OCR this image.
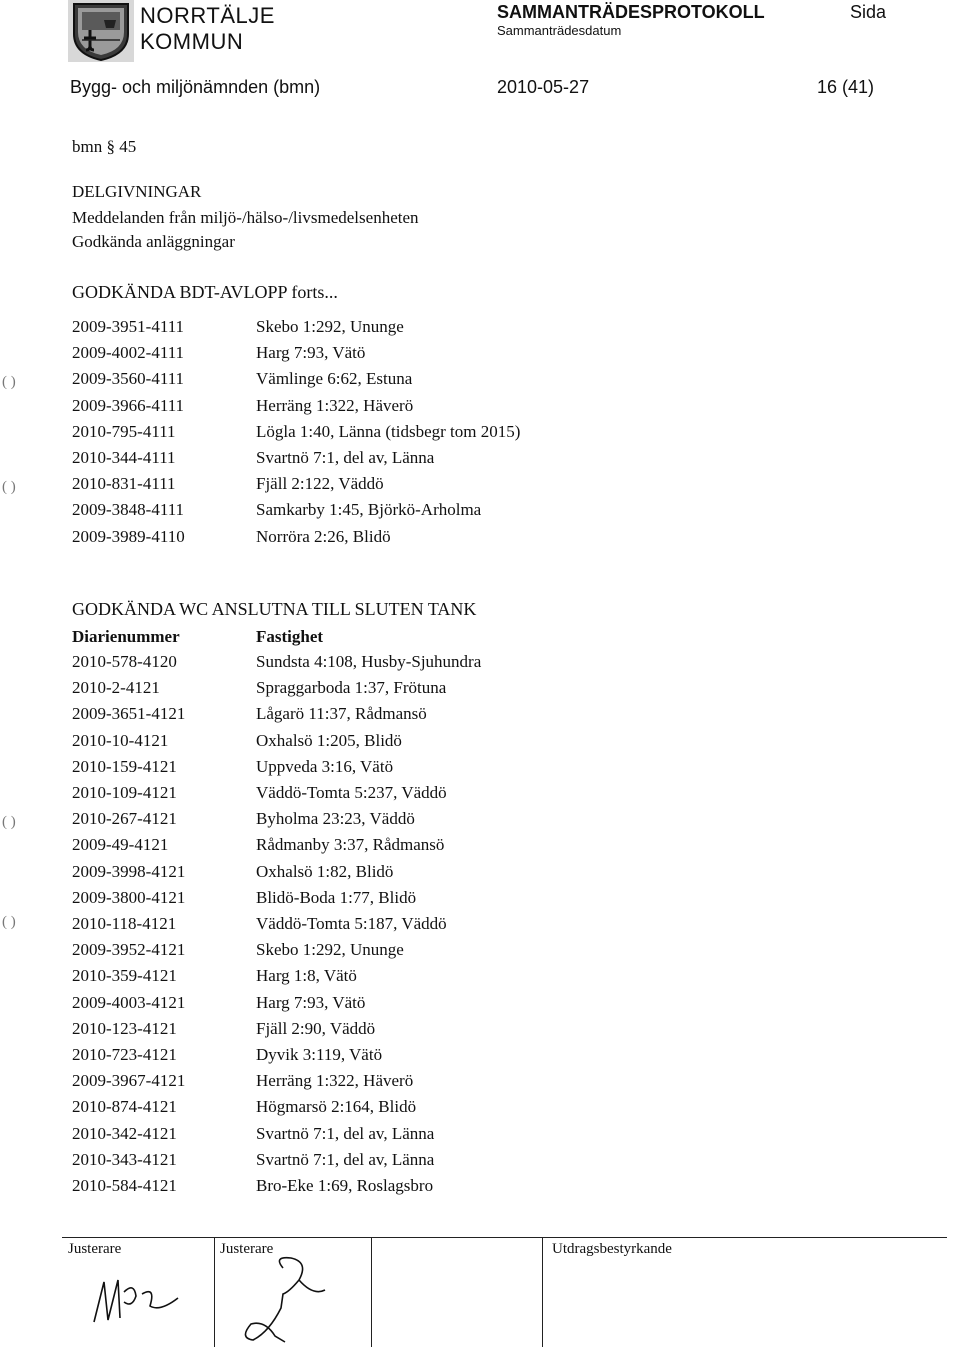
NORRTÄLJE
KOMMUN
SAMMANTRÄDESPROTOKOLL
Sammanträdesdatum
Sida
Bygg- och miljönämnden (bmn)	2010-05-27	16 (41)
bmn § 45
DELGIVNINGAR
Meddelanden från miljö-/hälso-/livsmedelsenheten
Godkända anläggningar
GODKÄNDA BDT-AVLOPP forts...
2009-3951-4111	Skebo 1:292, Ununge
2009-4002-4111	Harg 7:93, Vätö
2009-3560-4111	Vämlinge 6:62, Estuna
2009-3966-4111	Herräng 1:322, Häverö
2010-795-4111	Lögla 1:40, Länna (tidsbegr tom 2015)
2010-344-4111	Svartnö 7:1, del av, Länna
2010-831-4111	Fjäll 2:122, Väddö
2009-3848-4111	Samkarby 1:45, Björkö-Arholma
2009-3989-4110	Norröra 2:26, Blidö
GODKÄNDA WC ANSLUTNA TILL SLUTEN TANK
Diarienummer	Fastighet
2010-578-4120	Sundsta 4:108, Husby-Sjuhundra
2010-2-4121	Spraggarboda 1:37, Frötuna
2009-3651-4121	Lågarö 11:37, Rådmansö
2010-10-4121	Oxhalsö 1:205, Blidö
2010-159-4121	Uppveda 3:16, Vätö
2010-109-4121	Väddö-Tomta 5:237, Väddö
2010-267-4121	Byholma 23:23, Väddö
2009-49-4121	Rådmanby 3:37, Rådmansö
2009-3998-4121	Oxhalsö 1:82, Blidö
2009-3800-4121	Blidö-Boda 1:77, Blidö
2010-118-4121	Väddö-Tomta 5:187, Väddö
2009-3952-4121	Skebo 1:292, Ununge
2010-359-4121	Harg 1:8, Vätö
2009-4003-4121	Harg 7:93, Vätö
2010-123-4121	Fjäll 2:90, Väddö
2010-723-4121	Dyvik 3:119, Vätö
2009-3967-4121	Herräng 1:322, Häverö
2010-874-4121	Högmarsö 2:164, Blidö
2010-342-4121	Svartnö 7:1, del av, Länna
2010-343-4121	Svartnö 7:1, del av, Länna
2010-584-4121	Bro-Eke 1:69, Roslagsbro
( )
( )
( )
( )
Justerare	Justerare	Utdragsbestyrkande
